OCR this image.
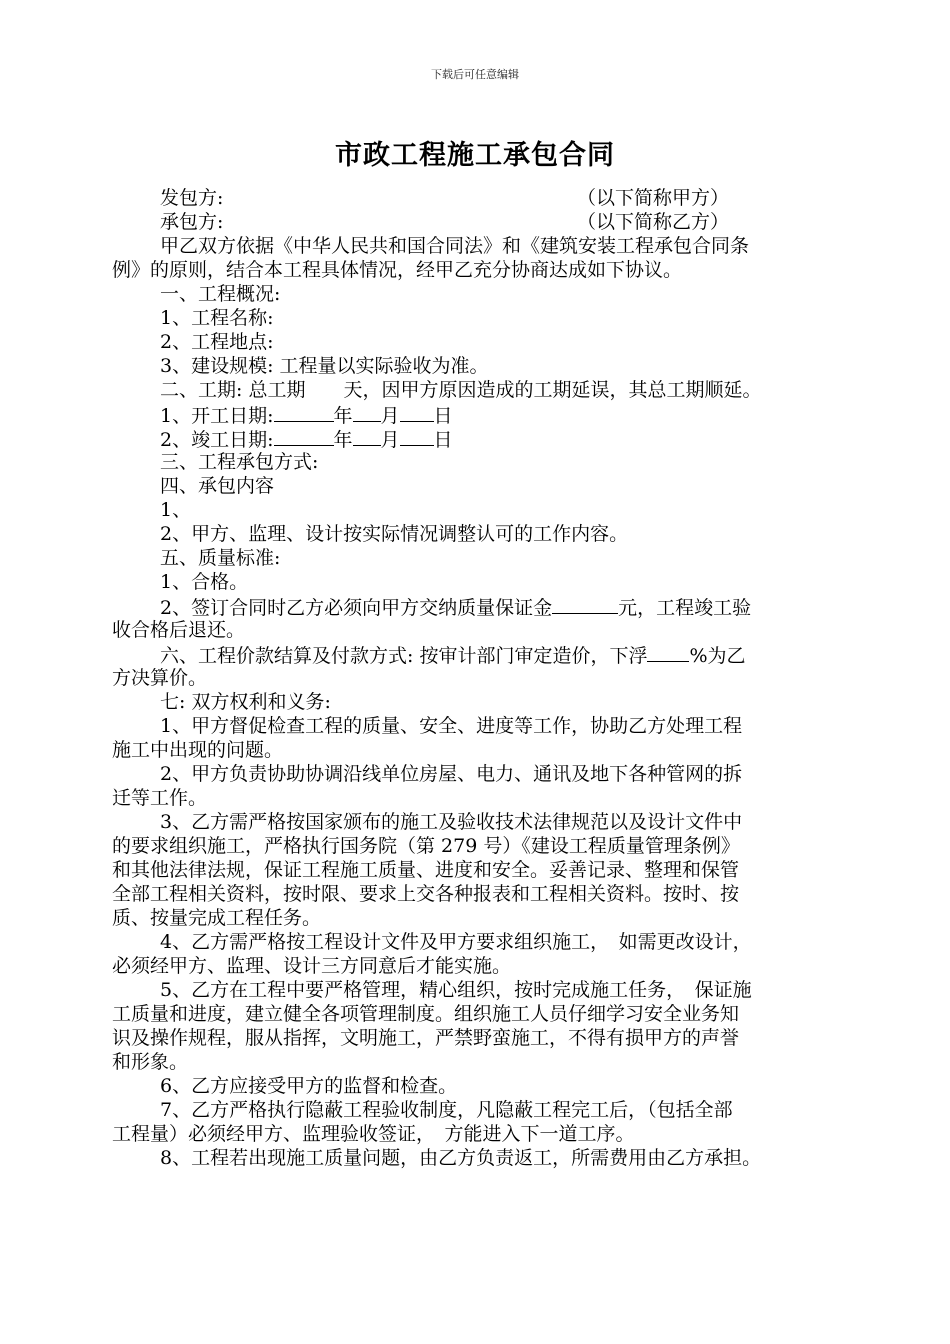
下载后可任意编辑
市政工程施工承包合同
发包方:	（以下简称甲方）
承包方:	（以下简称乙方）
甲乙双方依据《中华人民共和国合同法》和《建筑安装工程承包合同条
例》的原则，结合本工程具体情况，经甲乙充分协商达成如下协议。
一、工程概况:
1、工程名称:
2、工程地点:
3、建设规模: 工程量以实际验收为准。
二、工期: 总工期　　天，因甲方原因造成的工期延误，其总工期顺延。
1、开工日期:	年 月 日
2、竣工日期:	年 月 日
三、工程承包方式:
四、承包内容
1、
2、甲方、监理、设计按实际情况调整认可的工作内容。
五、质量标准:
1、合格。
2、签订合同时乙方必须向甲方交纳质量保证金	元，工程竣工验
收合格后退还。
六、工程价款结算及付款方式: 按审计部门审定造价，下浮 %为乙
方决算价。
七: 双方权利和义务:
1、甲方督促检查工程的质量、安全、进度等工作，协助乙方处理工程
施工中出现的问题。
2、甲方负责协助协调沿线单位房屋、电力、通讯及地下各种管网的拆
迁等工作。
3、乙方需严格按国家颁布的施工及验收技术法律规范以及设计文件中
的要求组织施工，严格执行国务院（第 279 号）《建设工程质量管理条例》
和其他法律法规，保证工程施工质量、进度和安全。妥善记录、整理和保管
全部工程相关资料，按时限、要求上交各种报表和工程相关资料。按时、按
质、按量完成工程任务。
4、乙方需严格按工程设计文件及甲方要求组织施工，　如需更改设计，
必须经甲方、监理、设计三方同意后才能实施。
5、乙方在工程中要严格管理，精心组织，按时完成施工任务，　保证施
工质量和进度，建立健全各项管理制度。组织施工人员仔细学习安全业务知
识及操作规程，服从指挥，文明施工，严禁野蛮施工，不得有损甲方的声誉
和形象。
6、乙方应接受甲方的监督和检查。
7、乙方严格执行隐蔽工程验收制度，凡隐蔽工程完工后，（包括全部
工程量）必须经甲方、监理验收签证，　方能进入下一道工序。
8、工程若出现施工质量问题，由乙方负责返工，所需费用由乙方承担。
